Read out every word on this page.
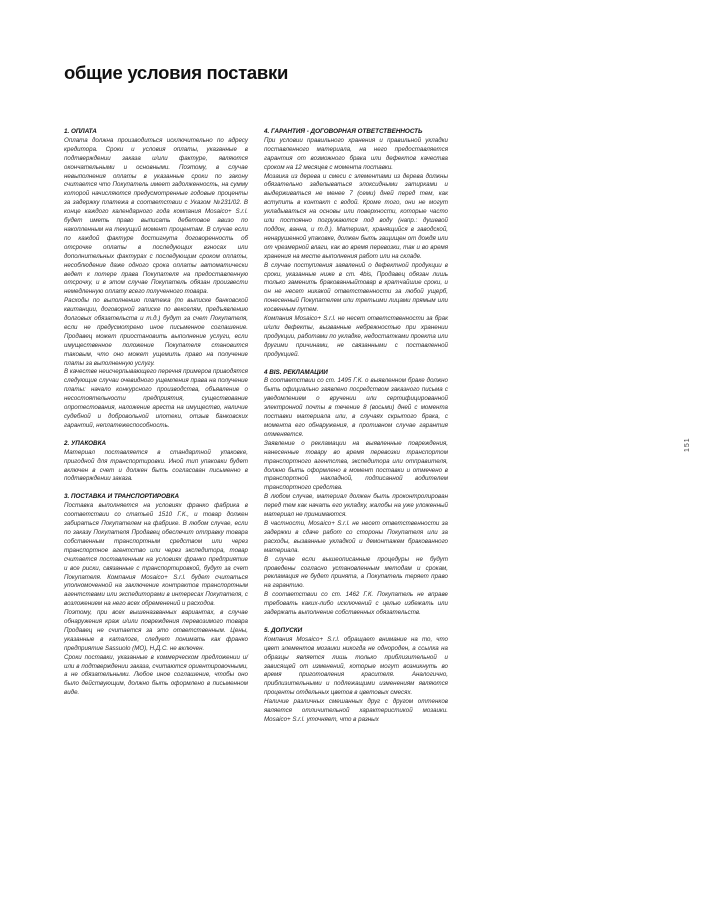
общие условия поставки
1. ОПЛАТА

Оплата должна производиться исключительно по адресу кредитора. Сроки и условия оплаты, указанные в подтверждении заказа и/или фактуре, являются окончательными и основными. Поэтому, в случае невыполнения оплаты в указанные сроки по закону считается что Покупатель имеет задолженность, на сумму которой начисляются предусмотренные годовые проценты за задержку платежа в соответствии с Указом №231/02. В конце каждого календарного года компания Mosaico+ S.r.l. будет иметь право выписать дебетовое авизо по накопленным на текущий момент процентам. В случае если по каждой фактуре достигнута договоренность об отсрочке оплаты в последующих взносах или дополнительных фактурах с последующим сроком оплаты, несоблюдение даже одного срока оплаты автоматически ведет к потере права Покупателя на предоставленную отсрочку, и в этом случае Покупатель обязан произвести немедленную оплату всего полученного товара.

Расходы по выполнению платежа (по выписке банковской квитанции, договорной записке по векселям, предъявлению долговых обязательств и т.д.) будут за счет Покупателя, если не предусмотрено иное письменное соглашение. Продавец может приостановить выполнение услуги, если имущественное положение Покупателя становится таковым, что оно может ущемить право на получение платы за выполненную услугу.

В качестве неисчерпывающего перечня примеров приводятся следующие случаи очевидного ущемления права на получение платы: начало конкурсного производства, объявление о несостоятельности предприятия, существование опротестования, наложение ареста на имущество, наличие судебной и добровольной ипотеки, отзыв банковских гарантий, неплатежеспособность.

2. УПАКОВКА

Материал поставляется в стандартной упаковке, пригодной для транспортировки. Иной тип упаковки будет включен в счет и должен быть согласован письменно в подтверждении заказа.

3. ПОСТАВКА И ТРАНСПОРТИРОВКА

Поставка выполняется на условиях франко фабрика в соответствии со статьей 1510 Г.К., и товар должен забираться Покупателем на фабрике. В любом случае, если по заказу Покупателя Продавец обеспечит отправку товара собственным транспортным средством или через транспортное агентство или через экспедитора, товар считается поставленным на условиях франко предприятие и все риски, связанные с транспортировкой, будут за счет Покупателя. Компания Mosaico+ S.r.l. будет считаться уполномоченной на заключение контрактов транспортным агентствами или экспедиторами в интересах Покупателя, с возложением на него всех обременений и расходов.

Поэтому, при всех вышеназванных вариантах, в случае обнаружения краж и/или повреждения перевозимого товара Продавец не считается за это ответственным. Цены, указанные в каталоге, следует понимать как франко предприятие Sassuolo (MO), Н.Д.С. не включен.

Сроки поставки, указанные в коммерческом предложении и/или в подтверждении заказа, считаются ориентировочными, а не обязательными. Любое иное соглашение, чтобы оно было действующим, должно быть оформлено в письменном виде.

4. ГАРАНТИЯ - ДОГОВОРНАЯ ОТВЕТСТВЕННОСТЬ

При условии правильного хранения и правильной укладки поставленного материала, на него предоставляется гарантия от возможного брака или дефектов качества сроком на 12 месяцев с момента поставки.

Мозаика из дерева и смеси с элементами из дерева должны обязательно заделываться эпоксидными затирками и выдерживаться не менее 7 (семи) дней перед тем, как вступить в контакт с водой. Кроме того, они не могут укладываться на основы или поверхности, которые часто или постоянно погружаются под воду (напр.: душевой поддон, ванна, и т.д.). Материал, хранящийся в заводской, ненарушенной упаковке, должен быть защищен от дождя или от чрезмерной влаги, как во время перевозки, так и во время хранения на месте выполнения работ или на складе.

В случае поступления заявлений о дефектной продукции в сроки, указанные ниже в ст. 4bis, Продавец обязан лишь только заменить бракованныйтовар в кратчайшие сроки, и он не несет никакой ответственности за любой ущерб, понесенный Покупателем или третьими лицами прямым или косвенным путем.

Компания Mosaico+ S.r.l. не несет ответственности за брак и/или дефекты, вызванные небрежностью при хранении продукции, работами по укладке, недостатками проекта или другими причинами, не связанными с поставленной продукцией.

4 BIS. РЕКЛАМАЦИИ

В соответствии со ст. 1495 Г.К. о выявленном браке должно быть официально заявлено посредством заказного письма с уведомлением о вручении или сертифицированной электронной почты в течение 8 (восьми) дней с момента поставки материала или, в случаях скрытого брака, с момента его обнаружения, в противном случае гарантия отменяется.

Заявление о рекламации на выявленные повреждения, нанесенные товару во время перевозки транспортом транспортного агентства, экспедитора или отправителя, должно быть оформлено в момент поставки и отмечено в транспортной накладной, подписанной водителем транспортного средства.

В любом случае, материал должен быть проконтролирован перед тем как начать его укладку, жалобы на уже уложенный материал не принимаются.

В частности, Mosaico+ S.r.l. не несет ответственности за задержки в сдаче работ со стороны Покупателя или за расходы, вызванные укладкой и демонтажем бракованного материала.

В случае если вышеописанные процедуры не будут проведены согласно установленным методам и срокам, рекламация не будет принята, а Покупатель теряет право на гарантию.

В соответствии со ст. 1462 Г.К. Покупатель не вправе требовать каких-либо исключений с целью избежать или задержать выполнение собственных обязательств.

5. ДОПУСКИ

Компания Mosaico+ S.r.l. обращает внимание на то, что цвет элементов мозаики никогда не однороден, а ссылка на образцы является лишь только приблизительной и зависящей от изменений, которые могут возникнуть во время приготовления красителя. Аналогично, приблизительными и подлежащими изменениям являются проценты отдельных цветов в цветовых смесях.

Наличие различных смешанных друг с другом оттенков является отличительной характеристикой мозаики. Mosaico+ S.r.l. уточняет, что в разных

151
